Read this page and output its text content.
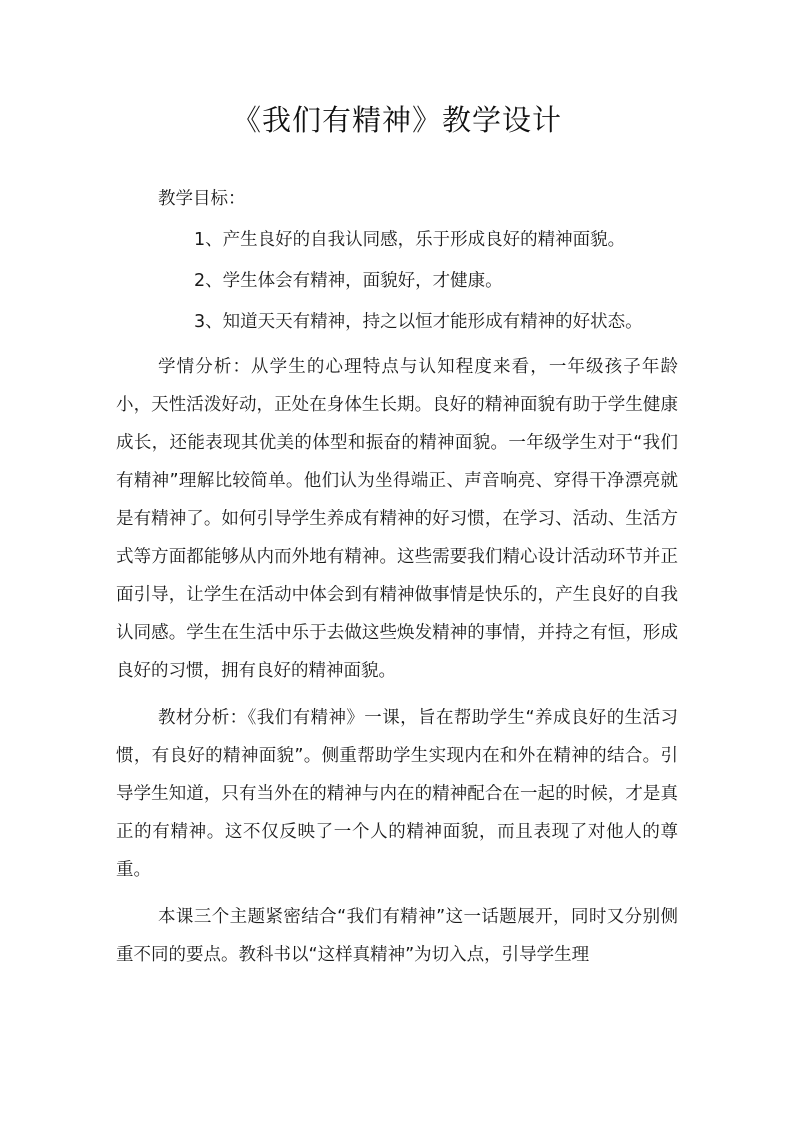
《我们有精神》教学设计
教学目标：
1、产生良好的自我认同感，乐于形成良好的精神面貌。
2、学生体会有精神，面貌好，才健康。
3、知道天天有精神，持之以恒才能形成有精神的好状态。

学情分析：从学生的心理特点与认知程度来看，一年级孩子年龄小，天性活泼好动，正处在身体生长期。良好的精神面貌有助于学生健康成长，还能表现其优美的体型和振奋的精神面貌。一年级学生对于“我们有精神”理解比较简单。他们认为坐得端正、声音响亮、穿得干净漂亮就是有精神了。如何引导学生养成有精神的好习惯，在学习、活动、生活方式等方面都能够从内而外地有精神。这些需要我们精心设计活动环节并正面引导，让学生在活动中体会到有精神做事情是快乐的，产生良好的自我认同感。学生在生活中乐于去做这些焕发精神的事情，并持之有恒，形成良好的习惯，拥有良好的精神面貌。

教材分析：《我们有精神》一课，旨在帮助学生“养成良好的生活习惯，有良好的精神面貌”。侧重帮助学生实现内在和外在精神的结合。引导学生知道，只有当外在的精神与内在的精神配合在一起的时候，才是真正的有精神。这不仅反映了一个人的精神面貌，而且表现了对他人的尊重。

本课三个主题紧密结合“我们有精神”这一话题展开，同时又分别侧重不同的要点。教科书以“这样真精神”为切入点，引导学生理
